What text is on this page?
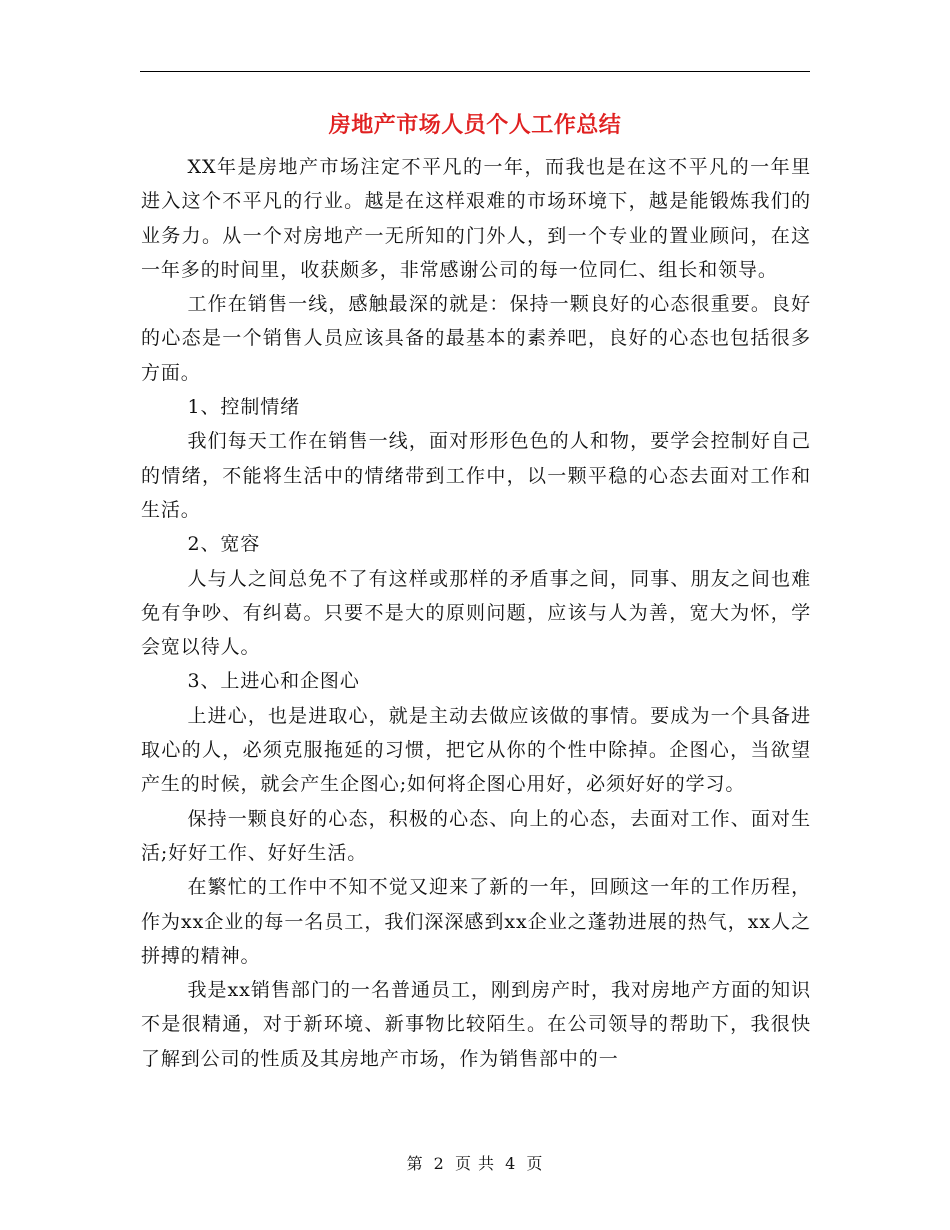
房地产市场人员个人工作总结

XX年是房地产市场注定不平凡的一年，而我也是在这不平凡的一年里进入这个不平凡的行业。越是在这样艰难的市场环境下，越是能锻炼我们的业务力。从一个对房地产一无所知的门外人，到一个专业的置业顾问，在这一年多的时间里，收获颇多，非常感谢公司的每一位同仁、组长和领导。

工作在销售一线，感触最深的就是：保持一颗良好的心态很重要。良好的心态是一个销售人员应该具备的最基本的素养吧，良好的心态也包括很多方面。

1、控制情绪

我们每天工作在销售一线，面对形形色色的人和物，要学会控制好自己的情绪，不能将生活中的情绪带到工作中，以一颗平稳的心态去面对工作和生活。

2、宽容

人与人之间总免不了有这样或那样的矛盾事之间，同事、朋友之间也难免有争吵、有纠葛。只要不是大的原则问题，应该与人为善，宽大为怀，学会宽以待人。

3、上进心和企图心

上进心，也是进取心，就是主动去做应该做的事情。要成为一个具备进取心的人，必须克服拖延的习惯，把它从你的个性中除掉。企图心，当欲望产生的时候，就会产生企图心;如何将企图心用好，必须好好的学习。

保持一颗良好的心态，积极的心态、向上的心态，去面对工作、面对生活;好好工作、好好生活。

在繁忙的工作中不知不觉又迎来了新的一年，回顾这一年的工作历程，作为xx企业的每一名员工，我们深深感到xx企业之蓬勃进展的热气，xx人之拼搏的精神。

我是xx销售部门的一名普通员工，刚到房产时，我对房地产方面的知识不是很精通，对于新环境、新事物比较陌生。在公司领导的帮助下，我很快了解到公司的性质及其房地产市场，作为销售部中的一

第 2 页 共 4 页
